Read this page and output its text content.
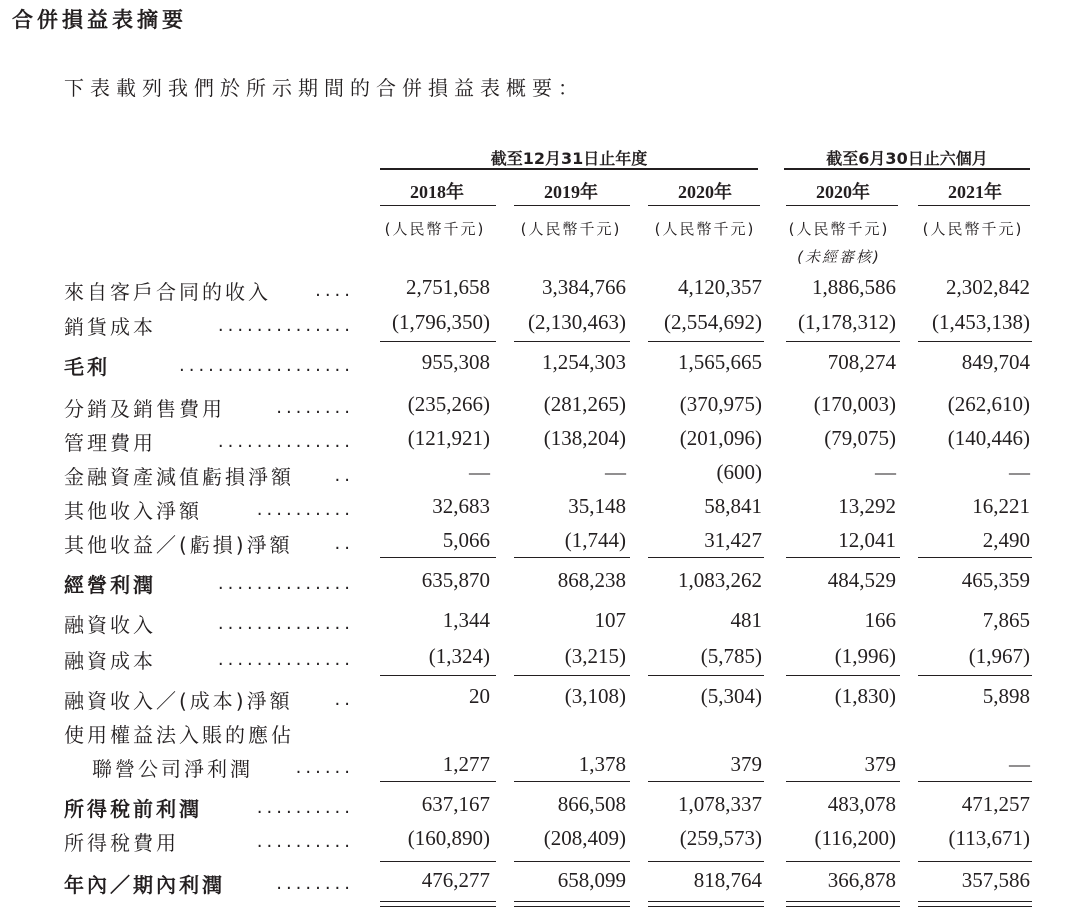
合併損益表摘要
下表載列我們於所示期間的合併損益表概要：
截至12月31日止年度	截至6月30日止六個月
2018年	2019年	2020年	2020年	2021年
(人民幣千元)	(人民幣千元)	(人民幣千元)	(人民幣千元)	(人民幣千元)
(未經審核)
....
來自客戶合同的收入	2,751,658	3,384,766	4,120,357	1,886,586	2,302,842
..............
銷貨成本	(1,796,350)	(2,130,463)	(2,554,692)	(1,178,312)	(1,453,138)
..................
毛利	955,308	1,254,303	1,565,665	708,274	849,704
........
分銷及銷售費用	(235,266)	(281,265)	(370,975)	(170,003)	(262,610)
..............
管理費用	(121,921)	(138,204)	(201,096)	(79,075)	(140,446)
..
金融資產減值虧損淨額	—	—	(600)	—	—
..........
其他收入淨額	32,683	35,148	58,841	13,292	16,221
..
其他收益／(虧損)淨額	5,066	(1,744)	31,427	12,041	2,490
..............
經營利潤	635,870	868,238	1,083,262	484,529	465,359
..............
融資收入	1,344	107	481	166	7,865
..............
融資成本	(1,324)	(3,215)	(5,785)	(1,996)	(1,967)
..
融資收入／(成本)淨額	20	(3,108)	(5,304)	(1,830)	5,898
使用權益法入賬的應佔
......
聯營公司淨利潤	1,277	1,378	379	379	—
..........
所得稅前利潤	637,167	866,508	1,078,337	483,078	471,257
..........
所得稅費用	(160,890)	(208,409)	(259,573)	(116,200)	(113,671)
........
年內／期內利潤	476,277	658,099	818,764	366,878	357,586
